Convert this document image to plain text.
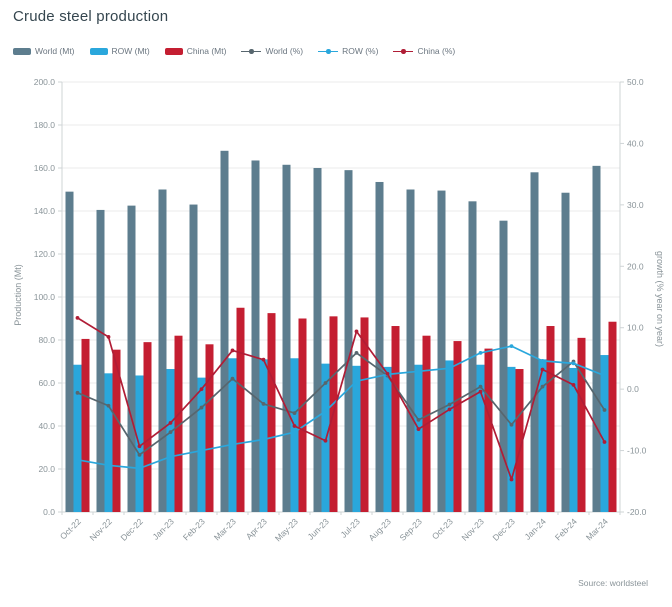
Crude steel production
World (Mt)	ROW (Mt)	China (Mt)	World (%)	ROW (%)	China (%)
Production (Mt)	growth (% year on year)
0.0
20.0
40.0
60.0
80.0
100.0
120.0
140.0
160.0
180.0
200.0
-20.0
-10.0
0.0
10.0
20.0
30.0
40.0
50.0
Oct-22 Nov-22 Dec-22 Jan-23 Feb-23 Mar-23 Apr-23 May-23 Jun-23 Jul-23 Aug-23 Sep-23 Oct-23 Nov-23 Dec-23 Jan-24 Feb-24 Mar-24
Source: worldsteel
